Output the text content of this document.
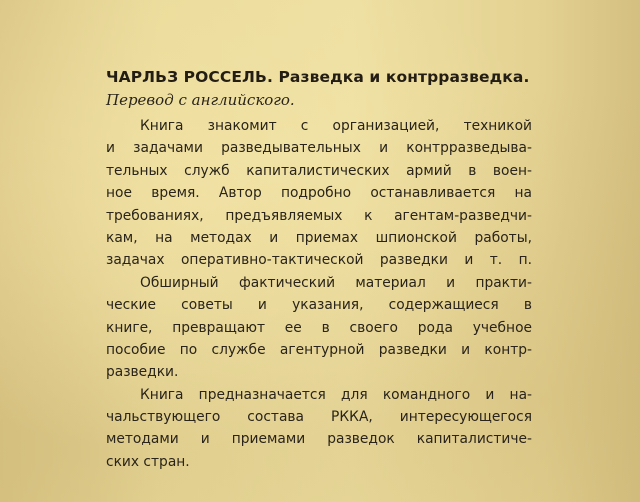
ЧАРЛЬЗ РОССЕЛЬ. Разведка и контрразведка.
Перевод с английского.
Книга знакомит с организацией, техникой
и задачами разведывательных и контрразведыва-
тельных служб капиталистических армий в воен-
ное время. Автор подробно останавливается на
требованиях, предъявляемых к агентам-разведчи-
кам, на методах и приемах шпионской работы,
задачах оперативно-тактической разведки и т. п.
Обширный фактический материал и практи-
ческие советы и указания, содержащиеся в
книге, превращают ее в своего рода учебное
пособие по службе агентурной разведки и контр-
разведки.
Книга предназначается для командного и на-
чальствующего состава РККА, интересующегося
методами и приемами разведок капиталистиче-
ских стран.
